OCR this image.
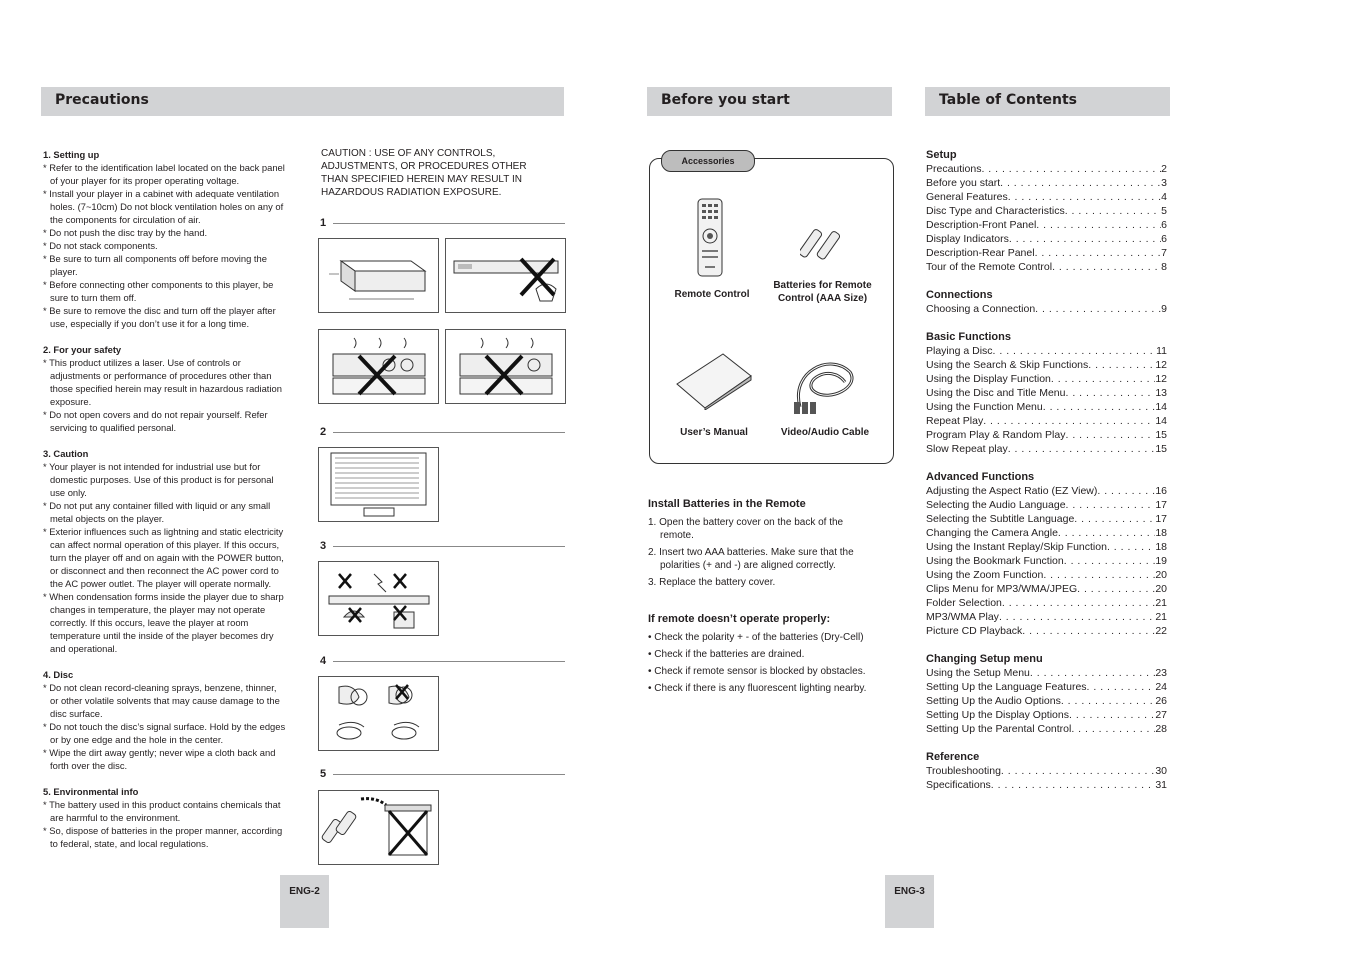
Precautions
1. Setting up
* Refer to the identification label located on the back panel of your player for its proper operating voltage.
* Install your player in a cabinet with adequate ventilation holes. (7~10cm) Do not block ventilation holes on any of the components for circulation of air.
* Do not push the disc tray by the hand.
* Do not stack components.
* Be sure to turn all components off before moving the player.
* Before connecting other components to this player, be sure to turn them off.
* Be sure to remove the disc and turn off the player after use, especially if you don’t use it for a long time.
2. For your safety
* This product utilizes a laser. Use of controls or adjustments or performance of procedures other than those specified herein may result in hazardous radiation exposure.
* Do not open covers and do not repair yourself. Refer servicing to qualified personal.
3. Caution
* Your player is not intended for industrial use but for domestic purposes. Use of this product is for personal use only.
* Do not put any container filled with liquid or any small metal objects on the player.
* Exterior influences such as lightning and static electricity can affect normal operation of this player. If this occurs, turn the player off and on again with the POWER button, or disconnect and then reconnect the AC power cord to the AC power outlet. The player will operate normally.
* When condensation forms inside the player due to sharp changes in temperature, the player may not operate correctly. If this occurs, leave the player at room temperature until the inside of the player becomes dry and operational.
4. Disc
* Do not clean record-cleaning sprays, benzene, thinner, or other volatile solvents that may cause damage to the disc surface.
* Do not touch the disc’s signal surface. Hold by the edges or by one edge and the hole in the center.
* Wipe the dirt away gently; never wipe a cloth back and forth over the disc.
5. Environmental info
* The battery used in this product contains chemicals that are harmful to the environment.
* So, dispose of batteries in the proper manner, according to federal, state, and local regulations.
CAUTION : USE OF ANY CONTROLS, ADJUSTMENTS, OR PROCEDURES OTHER THAN SPECIFIED HEREIN MAY RESULT IN HAZARDOUS RADIATION EXPOSURE.
1
2
3
4
5
ENG-2
Before you start
Accessories
Remote Control
Batteries for Remote Control (AAA Size)
User’s Manual	Video/Audio Cable
Install Batteries in the Remote
1. Open the battery cover on the back of the remote.
2. Insert two AAA batteries. Make sure that the polarities (+ and -) are aligned correctly.
3. Replace the battery cover.
If remote doesn’t operate properly:
• Check the polarity + - of the batteries (Dry-Cell)
• Check if the batteries are drained.
• Check if remote sensor is blocked by obstacles.
• Check if there is any fluorescent lighting nearby.
Table of Contents
Setup
Precautions . . .	2
Before you start . . .	3
General Features . . .	4
Disc Type and Characteristics . . .	5
Description-Front Panel . . .	6
Display Indicators . . .	6
Description-Rear Panel . . .	7
Tour of the Remote Control . . .	8
Connections
Choosing a Connection . . .	9
Basic Functions
Playing a Disc . . .	11
Using the Search & Skip Functions . . .	12
Using the Display Function . . .	12
Using the Disc and Title Menu . . .	13
Using the Function Menu . . .	14
Repeat Play . . .	14
Program Play & Random Play . . .	15
Slow Repeat play . . .	15
Advanced Functions
Adjusting the Aspect Ratio (EZ View) . . .	16
Selecting the Audio Language . . .	17
Selecting the Subtitle Language . . .	17
Changing the Camera Angle . . .	18
Using the Instant Replay/Skip Function . . .	18
Using the Bookmark Function . . .	19
Using the Zoom Function . . .	20
Clips Menu for MP3/WMA/JPEG . . .	20
Folder Selection . . .	21
MP3/WMA Play . . .	21
Picture CD Playback . . .	22
Changing Setup menu
Using the Setup Menu . . .	23
Setting Up the Language Features . . .	24
Setting Up the Audio Options . . .	26
Setting Up the Display Options . . .	27
Setting Up the Parental Control . . .	28
Reference
Troubleshooting . . .	30
Specifications . . .	31
ENG-3
